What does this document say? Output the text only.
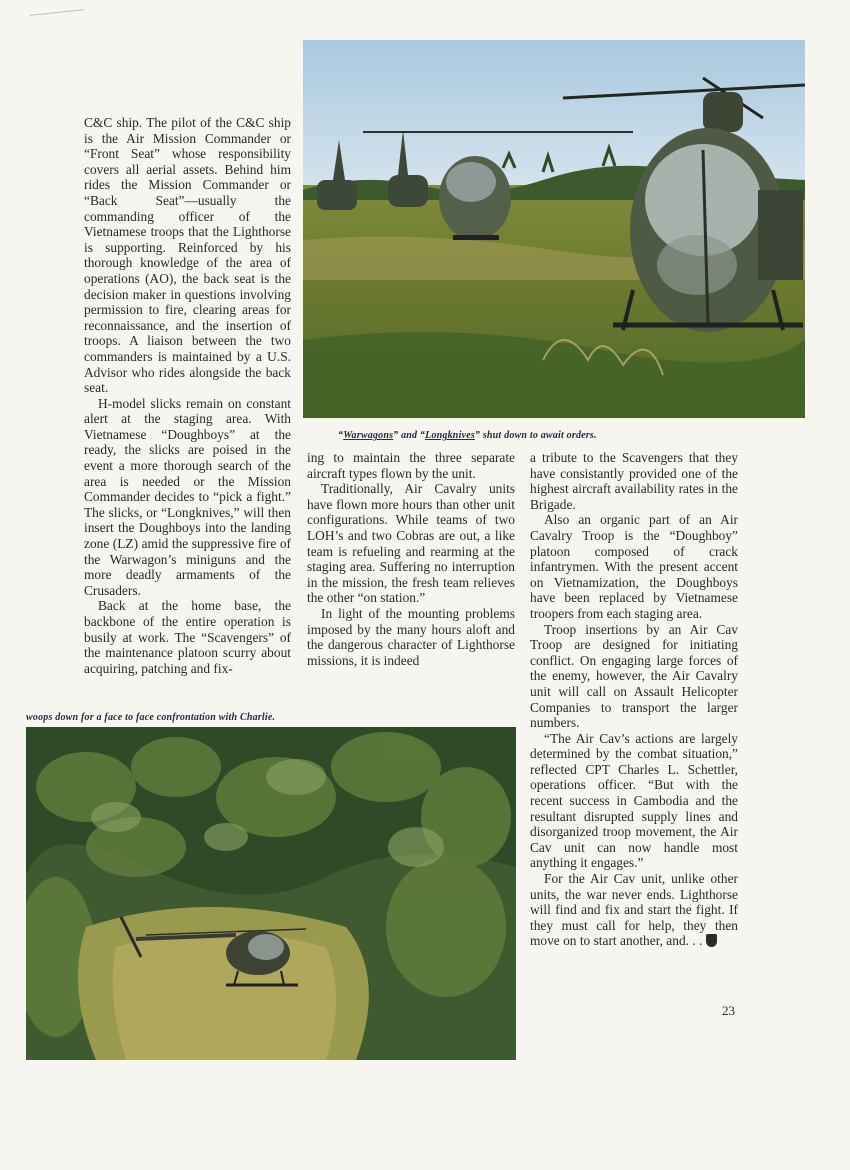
“Warwagons” and “Longknives” shut down to await orders.

C&C ship. The pilot of the C&C ship is the Air Mission Commander or “Front Seat” whose responsibility covers all aerial assets. Behind him rides the Mission Commander or “Back Seat”—usually the commanding officer of the Vietnamese troops that the Lighthorse is supporting. Reinforced by his thorough knowledge of the area of operations (AO), the back seat is the decision maker in questions involving permission to fire, clearing areas for reconnaissance, and the insertion of troops. A liaison between the two commanders is maintained by a U.S. Advisor who rides alongside the back seat.

H-model slicks remain on constant alert at the staging area. With Vietnamese “Doughboys” at the ready, the slicks are poised in the event a more thorough search of the area is needed or the Mission Commander decides to “pick a fight.” The slicks, or “Longknives,” will then insert the Doughboys into the landing zone (LZ) amid the suppressive fire of the Warwagon’s miniguns and the more deadly armaments of the Crusaders.

Back at the home base, the backbone of the entire operation is busily at work. The “Scavengers” of the maintenance platoon scurry about acquiring, patching and fix-

ing to maintain the three separate aircraft types flown by the unit.

Traditionally, Air Cavalry units have flown more hours than other unit configurations. While teams of two LOH’s and two Cobras are out, a like team is refueling and rearming at the staging area. Suffering no interruption in the mission, the fresh team relieves the other “on station.”

In light of the mounting problems imposed by the many hours aloft and the dangerous character of Lighthorse missions, it is indeed

a tribute to the Scavengers that they have consistantly provided one of the highest aircraft availability rates in the Brigade.

Also an organic part of an Air Cavalry Troop is the “Doughboy” platoon composed of crack infantrymen. With the present accent on Vietnamization, the Doughboys have been replaced by Vietnamese troopers from each staging area.

Troop insertions by an Air Cav Troop are designed for initiating conflict. On engaging large forces of the enemy, however, the Air Cavalry unit will call on Assault Helicopter Companies to transport the larger numbers.

“The Air Cav’s actions are largely determined by the combat situation,” reflected CPT Charles L. Schettler, operations officer. “But with the recent success in Cambodia and the resultant disrupted supply lines and disorganized troop movement, the Air Cav unit can now handle most anything it engages.”

For the Air Cav unit, unlike other units, the war never ends. Lighthorse will find and fix and start the fight. If they must call for help, they then move on to start another, and. . .

woops down for a face to face confrontation with Charlie.
23
